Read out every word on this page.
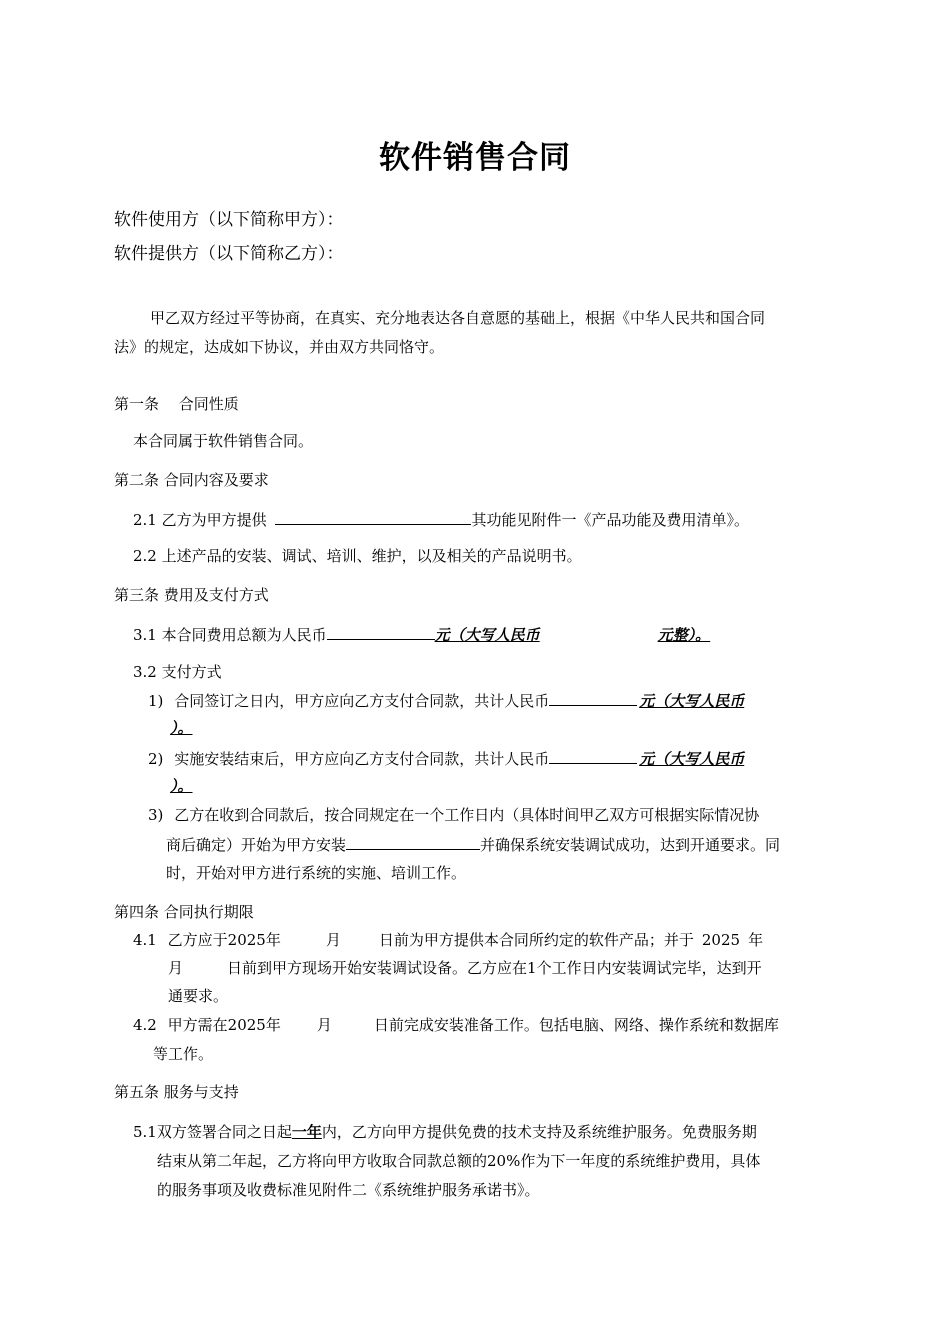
软件销售合同
软件使用方（以下简称甲方）：
软件提供方（以下简称乙方）：
甲乙双方经过平等协商，在真实、充分地表达各自意愿的基础上，根据《中华人民共和国合同
法》的规定，达成如下协议，并由双方共同恪守。
第一条　 合同性质
本合同属于软件销售合同。
第二条 合同内容及要求
2.1 乙方为甲方提供	其功能见附件一《产品功能及费用清单》。
2.2 上述产品的安装、调试、培训、维护，以及相关的产品说明书。
第三条 费用及支付方式
3.1 本合同费用总额为人民币	元（大写人民币	元整）。
3.2 支付方式
1) 合同签订之日内，甲方应向乙方支付合同款，共计人民币	元（大写人民币
）。
2) 实施安装结束后，甲方应向乙方支付合同款，共计人民币	元（大写人民币
）。
3) 乙方在收到合同款后，按合同规定在一个工作日内（具体时间甲乙双方可根据实际情况协
商后确定）开始为甲方安装	并确保系统安装调试成功，达到开通要求。同
时，开始对甲方进行系统的实施、培训工作。
第四条 合同执行期限
4.1 乙方应于2025年	月	日前为甲方提供本合同所约定的软件产品；并于 2025 年
月	日前到甲方现场开始安装调试设备。乙方应在1个工作日内安装调试完毕，达到开
通要求。
4.2 甲方需在2025年 月	日前完成安装准备工作。包括电脑、网络、操作系统和数据库
等工作。
第五条 服务与支持
5.1双方签署合同之日起一年内，乙方向甲方提供免费的技术支持及系统维护服务。免费服务期
结束从第二年起，乙方将向甲方收取合同款总额的20%作为下一年度的系统维护费用，具体
的服务事项及收费标准见附件二《系统维护服务承诺书》。
